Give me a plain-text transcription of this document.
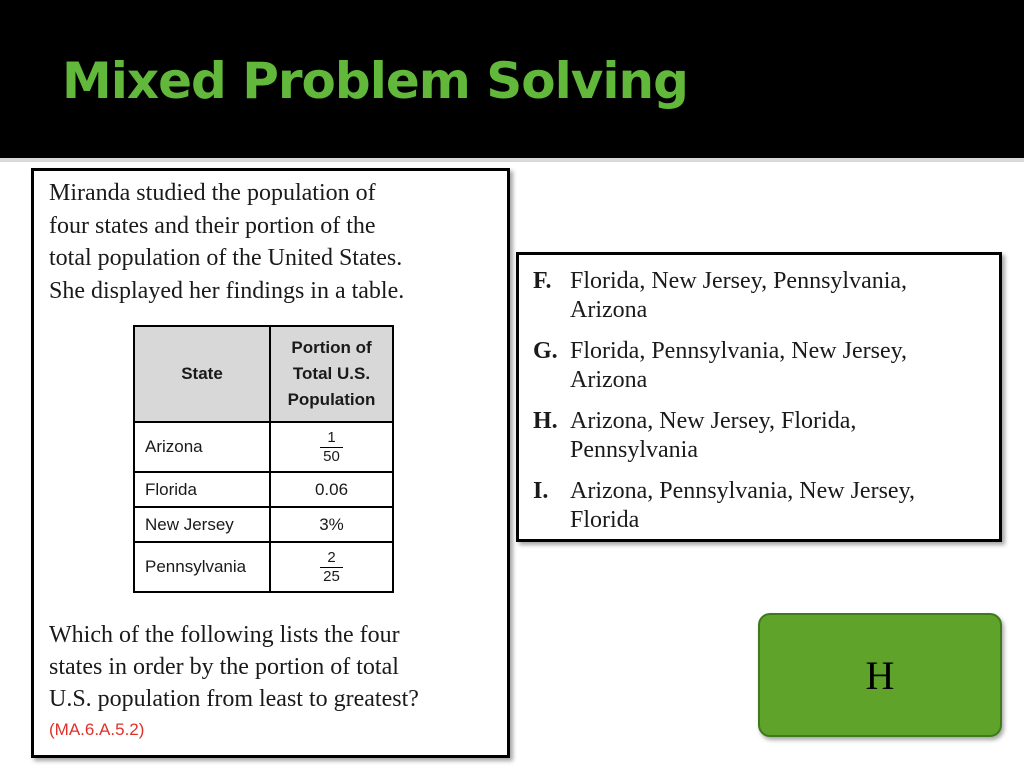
Mixed Problem Solving
Miranda studied the population of
four states and their portion of the
total population of the United States.
She displayed her findings in a table.
State	Portion of
Total U.S.
Population

Arizona	$\frac{1}{50}$

Florida	0.06
New Jersey	3%
Pennsylvania	$\frac{2}{25}$
Which of the following lists the four
states in order by the portion of total
U.S. population from least to greatest?
(MA.6.A.5.2)
F. Florida, New Jersey, Pennsylvania,
Arizona
G. Florida, Pennsylvania, New Jersey,
Arizona
H. Arizona, New Jersey, Florida,
Pennsylvania
I. Arizona, Pennsylvania, New Jersey,
Florida
H
